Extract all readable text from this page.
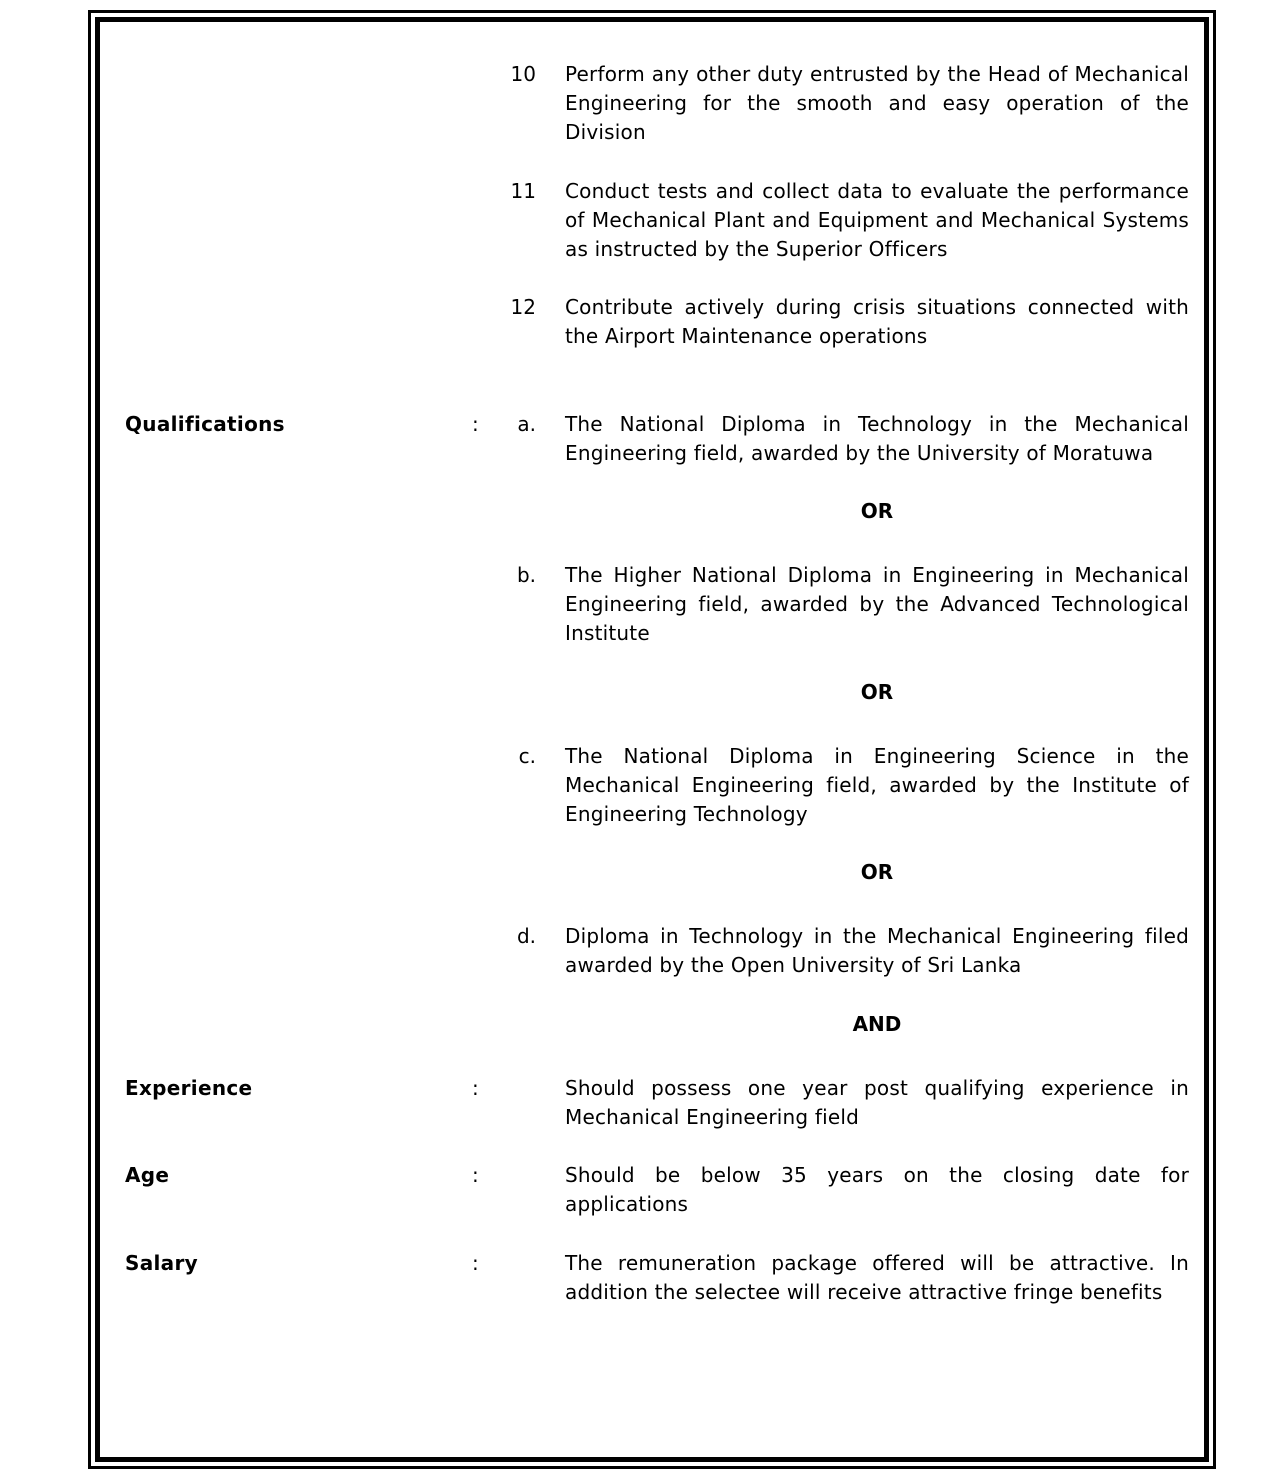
10 Perform any other duty entrusted by the Head of Mechanical Engineering for the smooth and easy operation of the Division

11 Conduct tests and collect data to evaluate the performance of Mechanical Plant and Equipment and Mechanical Systems as instructed by the Superior Officers

12 Contribute actively during crisis situations connected with the Airport Maintenance operations

Qualifications	:	a. The National Diploma in Technology in the Mechanical Engineering field, awarded by the University of Moratuwa

OR
b. The Higher National Diploma in Engineering in Mechanical Engineering field, awarded by the Advanced Technological Institute

OR
c. The National Diploma in Engineering Science in the Mechanical Engineering field, awarded by the Institute of Engineering Technology

OR
d. Diploma in Technology in the Mechanical Engineering filed awarded by the Open University of Sri Lanka

AND
Experience	:	Should possess one year post qualifying experience in Mechanical Engineering field

Age	:	Should be below 35 years on the closing date for applications

Salary	:	The remuneration package offered will be attractive. In addition the selectee will receive attractive fringe benefits
